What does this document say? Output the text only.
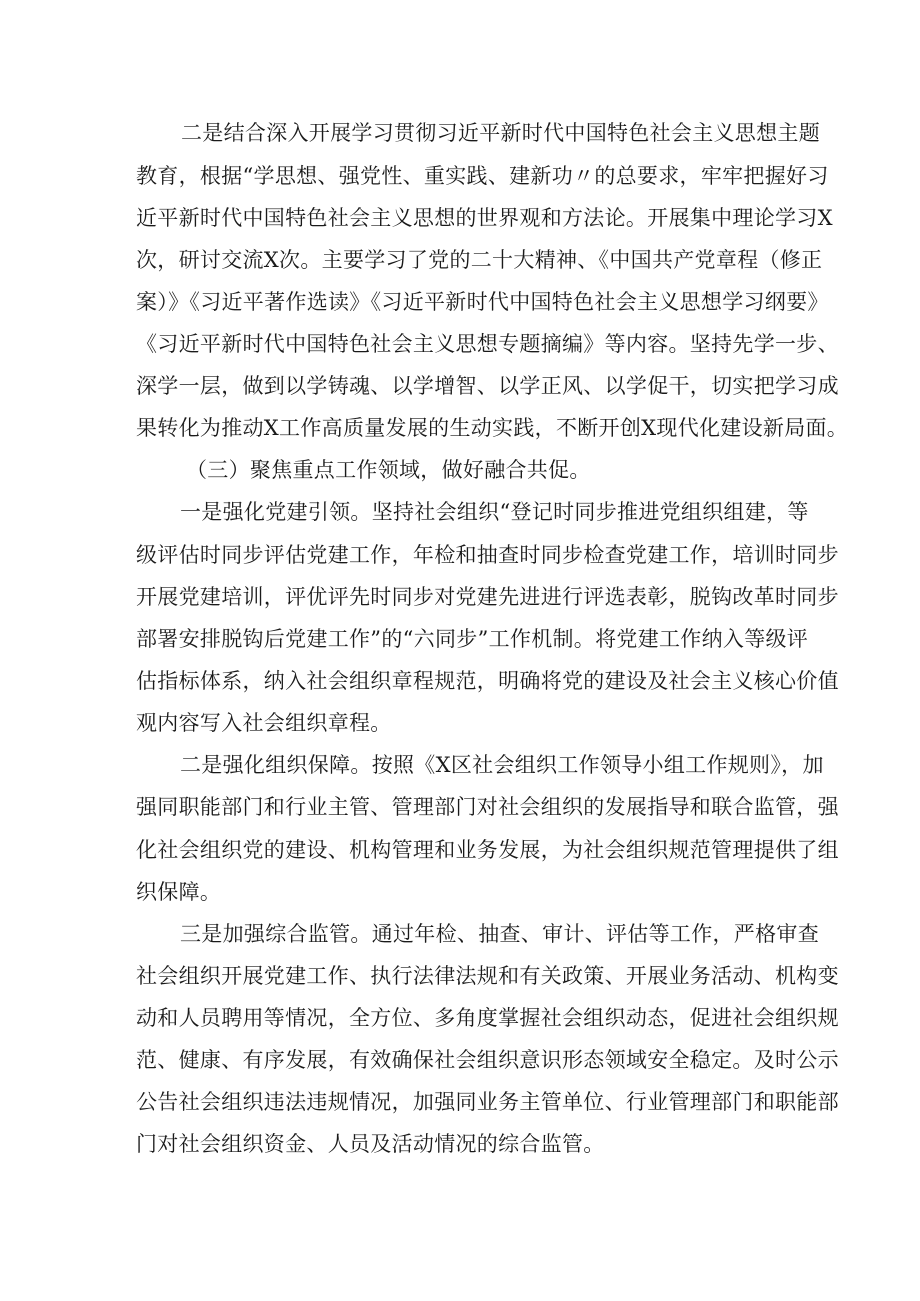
二是结合深入开展学习贯彻习近平新时代中国特色社会主义思想主题
教育，根据“学思想、强党性、重实践、建新功〃的总要求，牢牢把握好习
近平新时代中国特色社会主义思想的世界观和方法论。开展集中理论学习X
次，研讨交流X次。主要学习了党的二十大精神、《中国共产党章程（修正
案）》《习近平著作选读》《习近平新时代中国特色社会主义思想学习纲要》
《习近平新时代中国特色社会主义思想专题摘编》等内容。坚持先学一步、
深学一层，做到以学铸魂、以学增智、以学正风、以学促干，切实把学习成
果转化为推动X工作高质量发展的生动实践，不断开创X现代化建设新局面。
（三）聚焦重点工作领域，做好融合共促。
一是强化党建引领。坚持社会组织“登记时同步推进党组织组建，等
级评估时同步评估党建工作，年检和抽查时同步检查党建工作，培训时同步
开展党建培训，评优评先时同步对党建先进进行评选表彰，脱钩改革时同步
部署安排脱钩后党建工作”的“六同步”工作机制。将党建工作纳入等级评
估指标体系，纳入社会组织章程规范，明确将党的建设及社会主义核心价值
观内容写入社会组织章程。
二是强化组织保障。按照《X区社会组织工作领导小组工作规则》，加
强同职能部门和行业主管、管理部门对社会组织的发展指导和联合监管，强
化社会组织党的建设、机构管理和业务发展，为社会组织规范管理提供了组
织保障。
三是加强综合监管。通过年检、抽查、审计、评估等工作，严格审查
社会组织开展党建工作、执行法律法规和有关政策、开展业务活动、机构变
动和人员聘用等情况，全方位、多角度掌握社会组织动态，促进社会组织规
范、健康、有序发展，有效确保社会组织意识形态领域安全稳定。及时公示
公告社会组织违法违规情况，加强同业务主管单位、行业管理部门和职能部
门对社会组织资金、人员及活动情况的综合监管。
